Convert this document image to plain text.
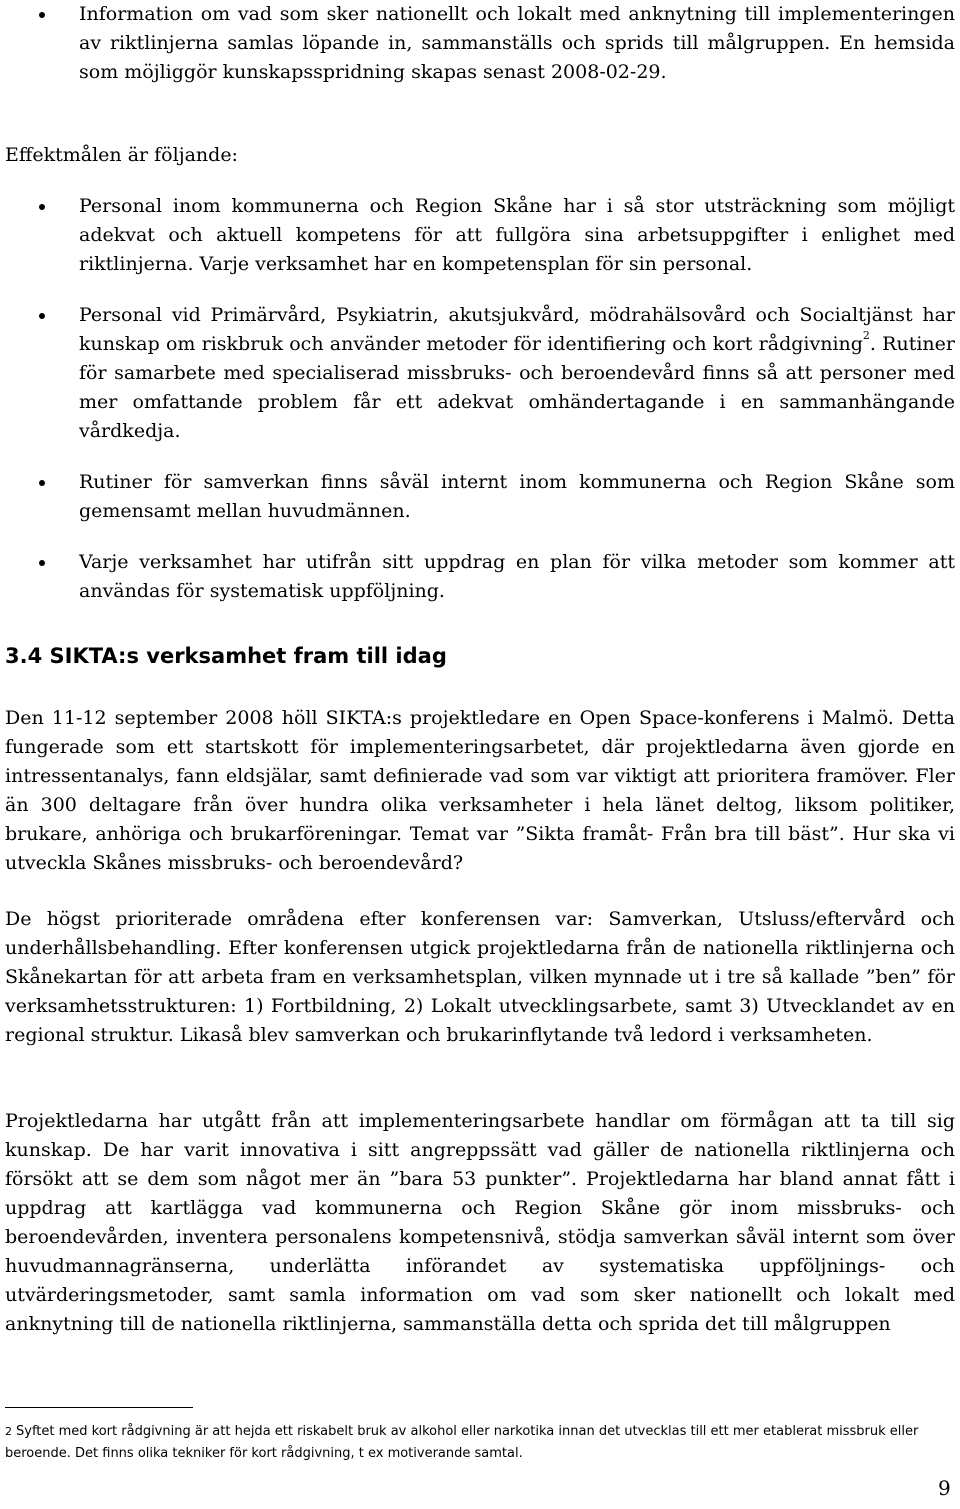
Information om vad som sker nationellt och lokalt med anknytning till implementeringen av riktlinjerna samlas löpande in, sammanställs och sprids till målgruppen. En hemsida som möjliggör kunskapsspridning skapas senast 2008-02-29.
Effektmålen är följande:
Personal inom kommunerna och Region Skåne har i så stor utsträckning som möjligt adekvat och aktuell kompetens för att fullgöra sina arbetsuppgifter i enlighet med riktlinjerna. Varje verksamhet har en kompetensplan för sin personal.
Personal vid Primärvård, Psykiatrin, akutsjukvård, mödrahälsovård och Socialtjänst har kunskap om riskbruk och använder metoder för identifiering och kort rådgivning$^2$. Rutiner för samarbete med specialiserad missbruks- och beroendevård finns så att personer med mer omfattande problem får ett adekvat omhändertagande i en sammanhängande vårdkedja.
Rutiner för samverkan finns såväl internt inom kommunerna och Region Skåne som gemensamt mellan huvudmännen.
Varje verksamhet har utifrån sitt uppdrag en plan för vilka metoder som kommer att användas för systematisk uppföljning.
3.4 SIKTA:s verksamhet fram till idag

Den 11-12 september 2008 höll SIKTA:s projektledare en Open Space-konferens i Malmö. Detta fungerade som ett startskott för implementeringsarbetet, där projektledarna även gjorde en intressentanalys, fann eldsjälar, samt definierade vad som var viktigt att prioritera framöver. Fler än 300 deltagare från över hundra olika verksamheter i hela länet deltog, liksom politiker, brukare, anhöriga och brukarföreningar. Temat var ”Sikta framåt- Från bra till bäst”. Hur ska vi utveckla Skånes missbruks- och beroendevård?

De högst prioriterade områdena efter konferensen var: Samverkan, Utsluss/eftervård och underhållsbehandling. Efter konferensen utgick projektledarna från de nationella riktlinjerna och Skånekartan för att arbeta fram en verksamhetsplan, vilken mynnade ut i tre så kallade ”ben” för verksamhetsstrukturen: 1) Fortbildning, 2) Lokalt utvecklingsarbete, samt 3) Utvecklandet av en regional struktur. Likaså blev samverkan och brukarinflytande två ledord i verksamheten.

Projektledarna har utgått från att implementeringsarbete handlar om förmågan att ta till sig kunskap. De har varit innovativa i sitt angreppssätt vad gäller de nationella riktlinjerna och försökt att se dem som något mer än ”bara 53 punkter”. Projektledarna har bland annat fått i uppdrag att kartlägga vad kommunerna och Region Skåne gör inom missbruks- och beroendevården, inventera personalens kompetensnivå, stödja samverkan såväl internt som över huvudmannagränserna, underlätta införandet av systematiska uppföljnings- och utvärderingsmetoder, samt samla information om vad som sker nationellt och lokalt med anknytning till de nationella riktlinjerna, sammanställa detta och sprida det till målgruppen

$^2$ Syftet med kort rådgivning är att hejda ett riskabelt bruk av alkohol eller narkotika innan det utvecklas till ett mer etablerat missbruk eller beroende. Det finns olika tekniker för kort rådgivning, t ex motiverande samtal.
9
